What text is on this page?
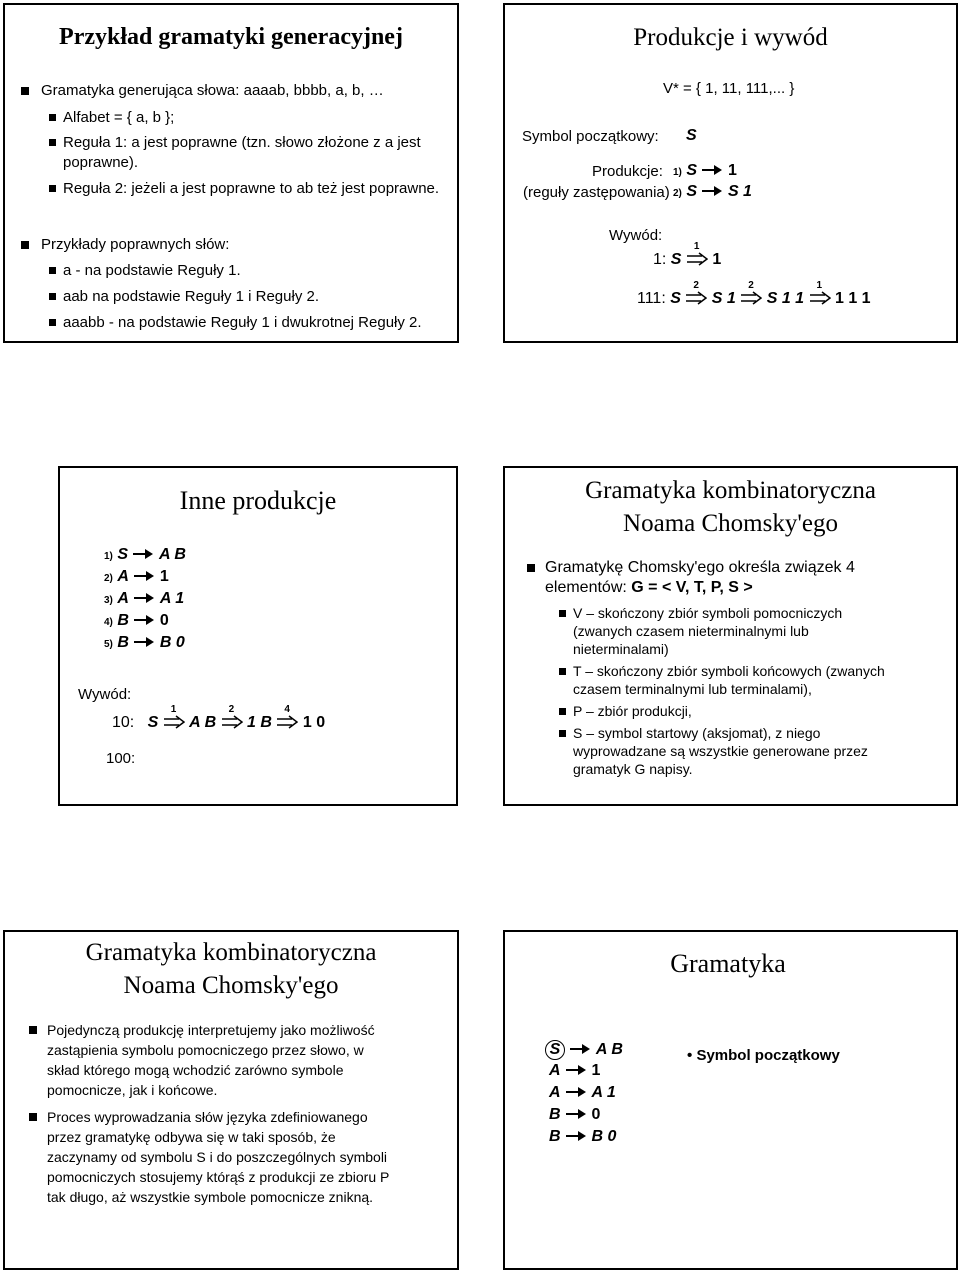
Przykład gramatyki generacyjnej
Gramatyka generująca słowa: aaaab, bbbb, a, b, …
Alfabet = { a, b };
Reguła 1: a jest poprawne (tzn. słowo złożone z a jest
poprawne).
Reguła 2: jeżeli a jest poprawne to ab też jest poprawne.
Przykłady poprawnych słów:
a - na podstawie Reguły 1.
aab na podstawie Reguły 1 i Reguły 2.
aaabb - na podstawie Reguły 1 i dwukrotnej Reguły 2.
Produkcje i wywód
V* = { 1, 11, 111,... }
Symbol początkowy: S
Produkcje:
(reguły zastępowania)
1) S 1
2) S S 1
Wywód:
1: S
1
1
111: S
2
S 1
2
S 1 1
1
1 1 1
Inne produkcje
1) S A B
2) A 1
3) A A 1
4) B 0
5) B B 0
Wywód:
10: S
1
A B
2
1 B
4
1 0
100:
Gramatyka kombinatoryczna
Noama Chomsky'ego
Gramatykę Chomsky'ego określa związek 4
elementów: G = < V, T, P, S >
V – skończony zbiór symboli pomocniczych
(zwanych czasem nieterminalnymi lub
nieterminalami)
T – skończony zbiór symboli końcowych (zwanych
czasem terminalnymi lub terminalami),
P – zbiór produkcji,
S – symbol startowy (aksjomat), z niego
wyprowadzane są wszystkie generowane przez
gramatyk G napisy.
Gramatyka kombinatoryczna
Noama Chomsky'ego
Pojedynczą produkcję interpretujemy jako możliwość
zastąpienia symbolu pomocniczego przez słowo, w
skład którego mogą wchodzić zarówno symbole
pomocnicze, jak i końcowe.
Proces wyprowadzania słów języka zdefiniowanego
przez gramatykę odbywa się w taki sposób, że
zaczynamy od symbolu S i do poszczególnych symboli
pomocniczych stosujemy którąś z produkcji ze zbioru P
tak długo, aż wszystkie symbole pomocnicze znikną.
Gramatyka
S A B
A 1
A A 1
B 0
B B 0
• Symbol początkowy
